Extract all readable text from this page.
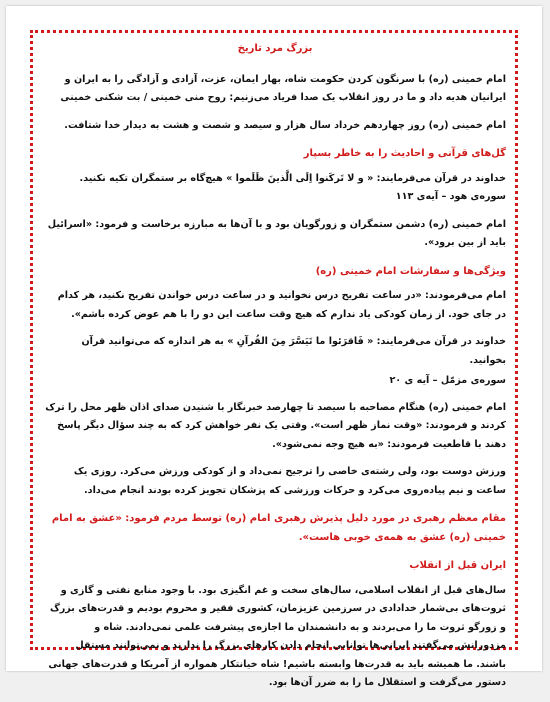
بزرگ مرد تاریخ

امام خمینی (ره) با سرنگون کردن حکومت شاه، بهار ایمان، عزت، آزادی و آزادگی را به ایران و ایرانیان هدیه داد و ما در روز انقلاب یک صدا فریاد می‌زنیم: روح منی خمینی / بت شکنی خمینی

امام خمینی (ره) روز چهاردهم خرداد سال هزار و سیصد و شصت و هشت به دیدار خدا شتافت.

گل‌های قرآنی و احادیث را به خاطر بسپار

خداوند در قرآن می‌فرمایند: « و لا تَرکَنوا اِلَی الَّذینَ ظَلَموا » هیچ‌گاه بر ستمگران تکیه نکنید. سوره‌ی هود – آیه‌ی ۱۱۳

امام خمینی (ره) دشمن ستمگران و زورگویان بود و با آن‌ها به مبارزه برخاست و فرمود: «اسرائیل باید از بین برود».

ویژگی‌ها و سفارشات امام خمینی (ره)

امام می‌فرمودند: «در ساعت تفریح درس نخوانید و در ساعت درس خواندن تفریح نکنید، هر کدام در جای خود. از زمان کودکی یاد ندارم که هیچ وقت ساعت این دو را با هم عوض کرده باشم».

خداوند در قرآن می‌فرمایند: « فَاقرَئوا ما تَیَسَّرَ مِنَ القُرآنِ » به هر اندازه که می‌توانید قرآن بخوانید.

سوره‌ی مزمّل – آیه ی ۲۰

امام خمینی (ره) هنگام مصاحبه با سیصد تا چهارصد خبرنگار با شنیدن صدای اذان ظهر محل را ترک کردند و فرمودند: «وقت نماز ظهر است». وقتی یک نفر خواهش کرد که به چند سؤال دیگر پاسخ دهند با قاطعیت فرمودند: «به هیچ وجه نمی‌شود».

ورزش دوست بود، ولی رشته‌ی خاصی را ترجیح نمی‌داد و از کودکی ورزش می‌کرد. روزی یک ساعت و نیم پیاده‌روی می‌کرد و حرکات ورزشی که پزشکان تجویز کرده بودند انجام می‌داد.

مقام معظم رهبری در مورد دلیل پذیرش رهبری امام (ره) توسط مردم فرمود: «عشق به امام خمینی (ره) عشق به همه‌ی خوبی هاست».
ایران قبل از انقلاب

سال‌های قبل از انقلاب اسلامی، سال‌های سخت و غم انگیزی بود. با وجود منابع نفتی و گازی و ثروت‌های بی‌شمار خدادادی در سرزمین عزیزمان، کشوری فقیر و محروم بودیم و قدرت‌های بزرگ و زورگو ثروت ما را می‌بردند و به دانشمندان ما اجازه‌ی پیشرفت علمی نمی‌دادند. شاه و مزدورانش می‌گفتند ایرانی‌ها توانایی انجام دادن کارهای بزرگ را ندارند و نمی‌توانند مستقل باشند. ما همیشه باید به قدرت‌ها وابسته باشیم! شاه خیانتکار همواره از آمریکا و قدرت‌های جهانی دستور می‌گرفت و استقلال ما را به ضرر آن‌ها بود.
